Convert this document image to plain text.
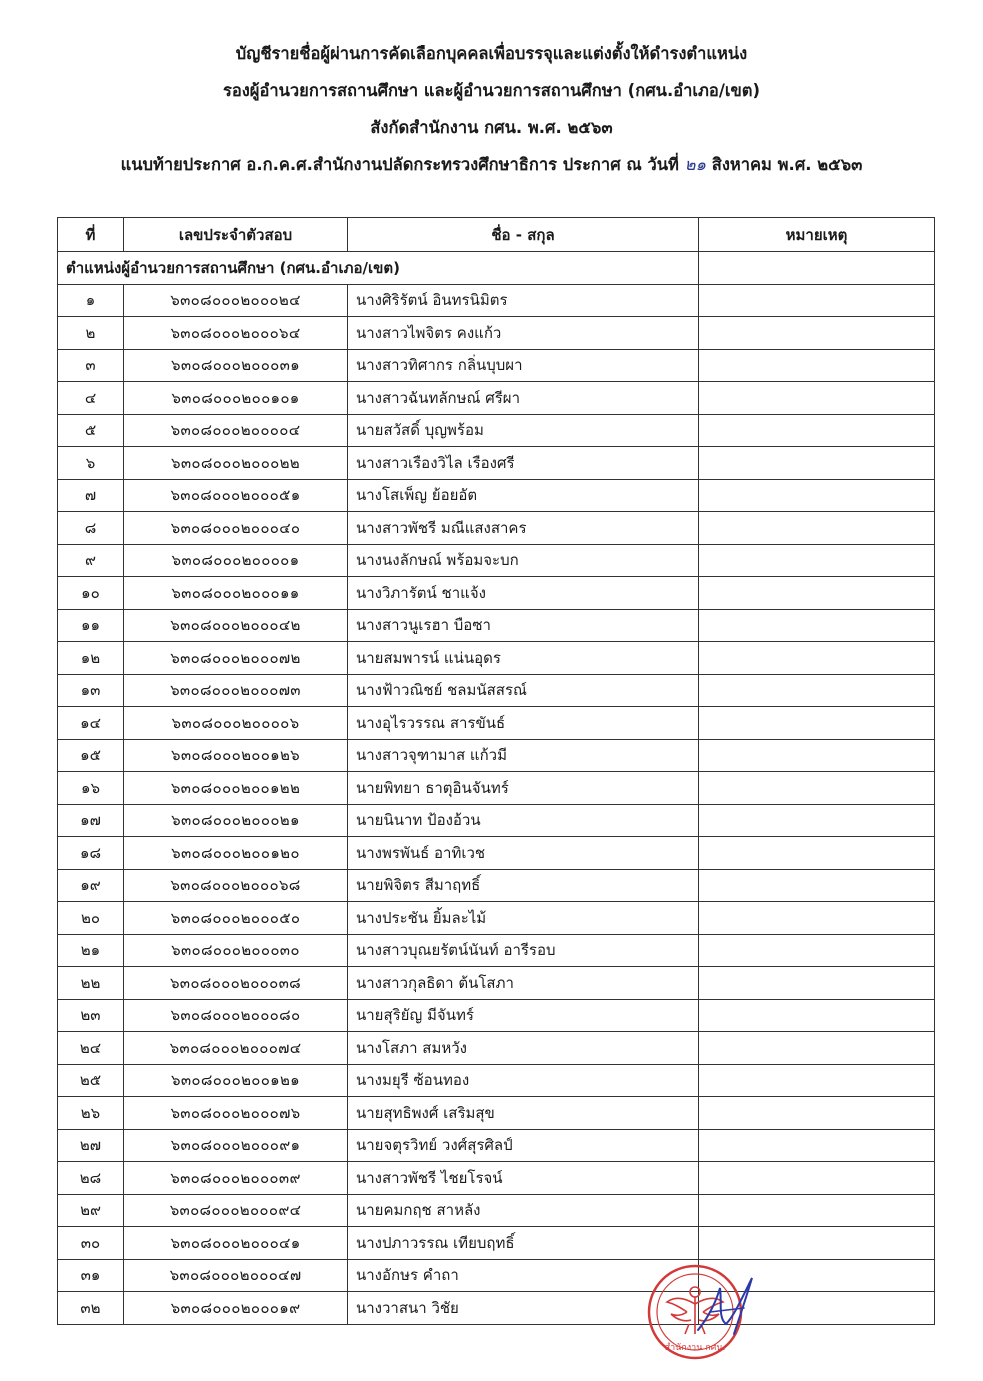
บัญชีรายชื่อผู้ผ่านการคัดเลือกบุคคลเพื่อบรรจุและแต่งตั้งให้ดำรงตำแหน่ง
รองผู้อำนวยการสถานศึกษา และผู้อำนวยการสถานศึกษา (กศน.อำเภอ/เขต)
สังกัดสำนักงาน กศน. พ.ศ. ๒๕๖๓
แนบท้ายประกาศ อ.ก.ค.ศ.สำนักงานปลัดกระทรวงศึกษาธิการ ประกาศ ณ วันที่ ๒๑ สิงหาคม พ.ศ. ๒๕๖๓
ที่	เลขประจำตัวสอบ	ชื่อ - สกุล	หมายเหตุ
ตำแหน่งผู้อำนวยการสถานศึกษา (กศน.อำเภอ/เขต)			
๑	๖๓๐๘๐๐๐๒๐๐๐๒๔	นางศิริรัตน์ อินทรนิมิตร	
๒	๖๓๐๘๐๐๐๒๐๐๐๖๔	นางสาวไพจิตร คงแก้ว	
๓	๖๓๐๘๐๐๐๒๐๐๐๓๑	นางสาวทิศากร กลิ่นบุบผา	
๔	๖๓๐๘๐๐๐๒๐๐๑๐๑	นางสาวฉันทลักษณ์ ศรีผา	
๕	๖๓๐๘๐๐๐๒๐๐๐๐๔	นายสวัสดิ์ บุญพร้อม	
๖	๖๓๐๘๐๐๐๒๐๐๐๒๒	นางสาวเรืองวิไล เรืองศรี	
๗	๖๓๐๘๐๐๐๒๐๐๐๕๑	นางโสเพ็ญ ย้อยอัต	
๘	๖๓๐๘๐๐๐๒๐๐๐๔๐	นางสาวพัชรี มณีแสงสาคร	
๙	๖๓๐๘๐๐๐๒๐๐๐๐๑	นางนงลักษณ์ พร้อมจะบก	
๑๐	๖๓๐๘๐๐๐๒๐๐๐๑๑	นางวิภารัตน์ ชาแจ้ง	
๑๑	๖๓๐๘๐๐๐๒๐๐๐๔๒	นางสาวนูเรฮา บือซา	
๑๒	๖๓๐๘๐๐๐๒๐๐๐๗๒	นายสมพารน์ แน่นอุดร	
๑๓	๖๓๐๘๐๐๐๒๐๐๐๗๓	นางฟ้าวณิชย์ ชลมนัสสรณ์	
๑๔	๖๓๐๘๐๐๐๒๐๐๐๐๖	นางอุไรวรรณ สารขันธ์	
๑๕	๖๓๐๘๐๐๐๒๐๐๑๒๖	นางสาวจุฑามาส แก้วมี	
๑๖	๖๓๐๘๐๐๐๒๐๐๑๒๒	นายพิทยา ธาตุอินจันทร์	
๑๗	๖๓๐๘๐๐๐๒๐๐๐๒๑	นายนินาท ป้องอ้วน	
๑๘	๖๓๐๘๐๐๐๒๐๐๑๒๐	นางพรพันธ์ อาทิเวช	
๑๙	๖๓๐๘๐๐๐๒๐๐๐๖๘	นายพิจิตร สีมาฤทธิ์	
๒๐	๖๓๐๘๐๐๐๒๐๐๐๕๐	นางประชัน ยิ้มละไม้	
๒๑	๖๓๐๘๐๐๐๒๐๐๐๓๐	นางสาวบุณยรัตน์นันท์ อารีรอบ	
๒๒	๖๓๐๘๐๐๐๒๐๐๐๓๘	นางสาวกุลธิดา ต้นโสภา	
๒๓	๖๓๐๘๐๐๐๒๐๐๐๘๐	นายสุริยัญ มีจันทร์	
๒๔	๖๓๐๘๐๐๐๒๐๐๐๗๔	นางโสภา สมหวัง	
๒๕	๖๓๐๘๐๐๐๒๐๐๑๒๑	นางมยุรี ซ้อนทอง	
๒๖	๖๓๐๘๐๐๐๒๐๐๐๗๖	นายสุทธิพงศ์ เสริมสุข	
๒๗	๖๓๐๘๐๐๐๒๐๐๐๙๑	นายจตุรวิทย์ วงศ์สุรศิลป์	
๒๘	๖๓๐๘๐๐๐๒๐๐๐๓๙	นางสาวพัชรี ไชยโรจน์	
๒๙	๖๓๐๘๐๐๐๒๐๐๐๙๔	นายคมกฤช สาหลัง	
๓๐	๖๓๐๘๐๐๐๒๐๐๐๔๑	นางปภาวรรณ เทียบฤทธิ์	
๓๑	๖๓๐๘๐๐๐๒๐๐๐๔๗	นางอักษร คำถา	
๓๒	๖๓๐๘๐๐๐๒๐๐๐๑๙	นางวาสนา วิชัย	
สำนักงาน กศน.
